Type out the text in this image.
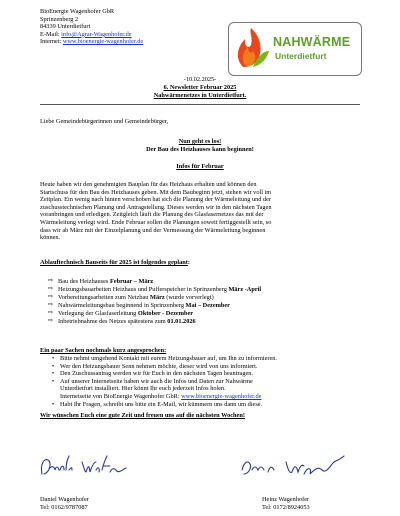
BioEnergie Wagenhofer GbR
Sprinzenberg 2
84339 Unterdietfurt
E-Mail: info@Agrar-Wagenhofer.de
Internet: www.bioenergie-wagenhofer.de	NAHWÄRME
Unterdietfurt
-10.02.2025-
6. Newsletter Februar 2025
Nahwärmenetzes in Unterdietfurt.
Liebe Gemeindebürgerinnen und Gemeindebürger,
Nun geht es los!
Der Bau des Heizhauses kann beginnen!
Infos für Februar
Heute haben wir den genehmigten Bauplan für das Heizhaus erhalten und können den
Startschuss für den Bau des Heizhauses geben. Mit dem Baubeginn jetzt, stehen wir voll im
Zeitplan. Ein wenig nach hinten verschoben hat sich die Planung der Wärmeleitung und der
zuschusstechnischen Planung und Antragstellung. Dieses werden wir in den nächsten Tagen
voranbringen und erledigen. Zeitgleich läuft die Planung des Glasfasernetzes das mit der
Wärmeleitung verlegt wird. Ende Februar sollen die Planungen soweit fertiggestellt sein, so
dass wir ab März mit der Einzelplanung und der Vermessung der Wärmeleitung beginnen
können.
Ablauftechnisch Bauseits für 2025 ist folgendes geplant:
⇨ Bau des Heizhauses Februar – März
⇨ Heizungsbauarbeiten Heizhaus und Pufferspeicher in Sprinzenberg März -April
⇨ Vorbereitungsarbeiten zum Netzbau März (wurde vorverlegt)
⇨ Nahwärmeleitungsbau beginnend in Sprinzenberg Mai – Dezember
⇨ Verlegung der Glasfaserleitung Oktober - Dezember
⇨ Inbetriebnahme des Netzes spätestens zum 01.01.2026
Ein paar Sachen nochmals kurz angesprochen:
• Bitte nehmt umgehend Kontakt mit eurem Heizungsbauer auf, um Ihn zu informieren.
• Wer den Heizungsbauer Senn nehmen möchte, dieser wird von uns informiert.
• Den Zuschussantrag werden wir für Euch in den nächsten Tagen beantragen.
• Auf unserer Internetseite haben wir auch die Infos und Daten zur Nahwärme
Unterdietfurt installiert. Hier könnt Ihr euch jederzeit Infos holen.
Internetseite von BioEnergie Wagenhofer GbR: www.bioenergie-wagenhofer.de
• Habt Ihr Fragen, schreibt uns bitte ein E-Mail, wir kümmern uns dann um diese.
Wir wünschen Euch eine gute Zeit und freuen uns auf die nächsten Wochen!
Daniel Wagenhofer
Tel: 0162/9787087
Heinz Wagenhofer
Tel: 0172/8924053
